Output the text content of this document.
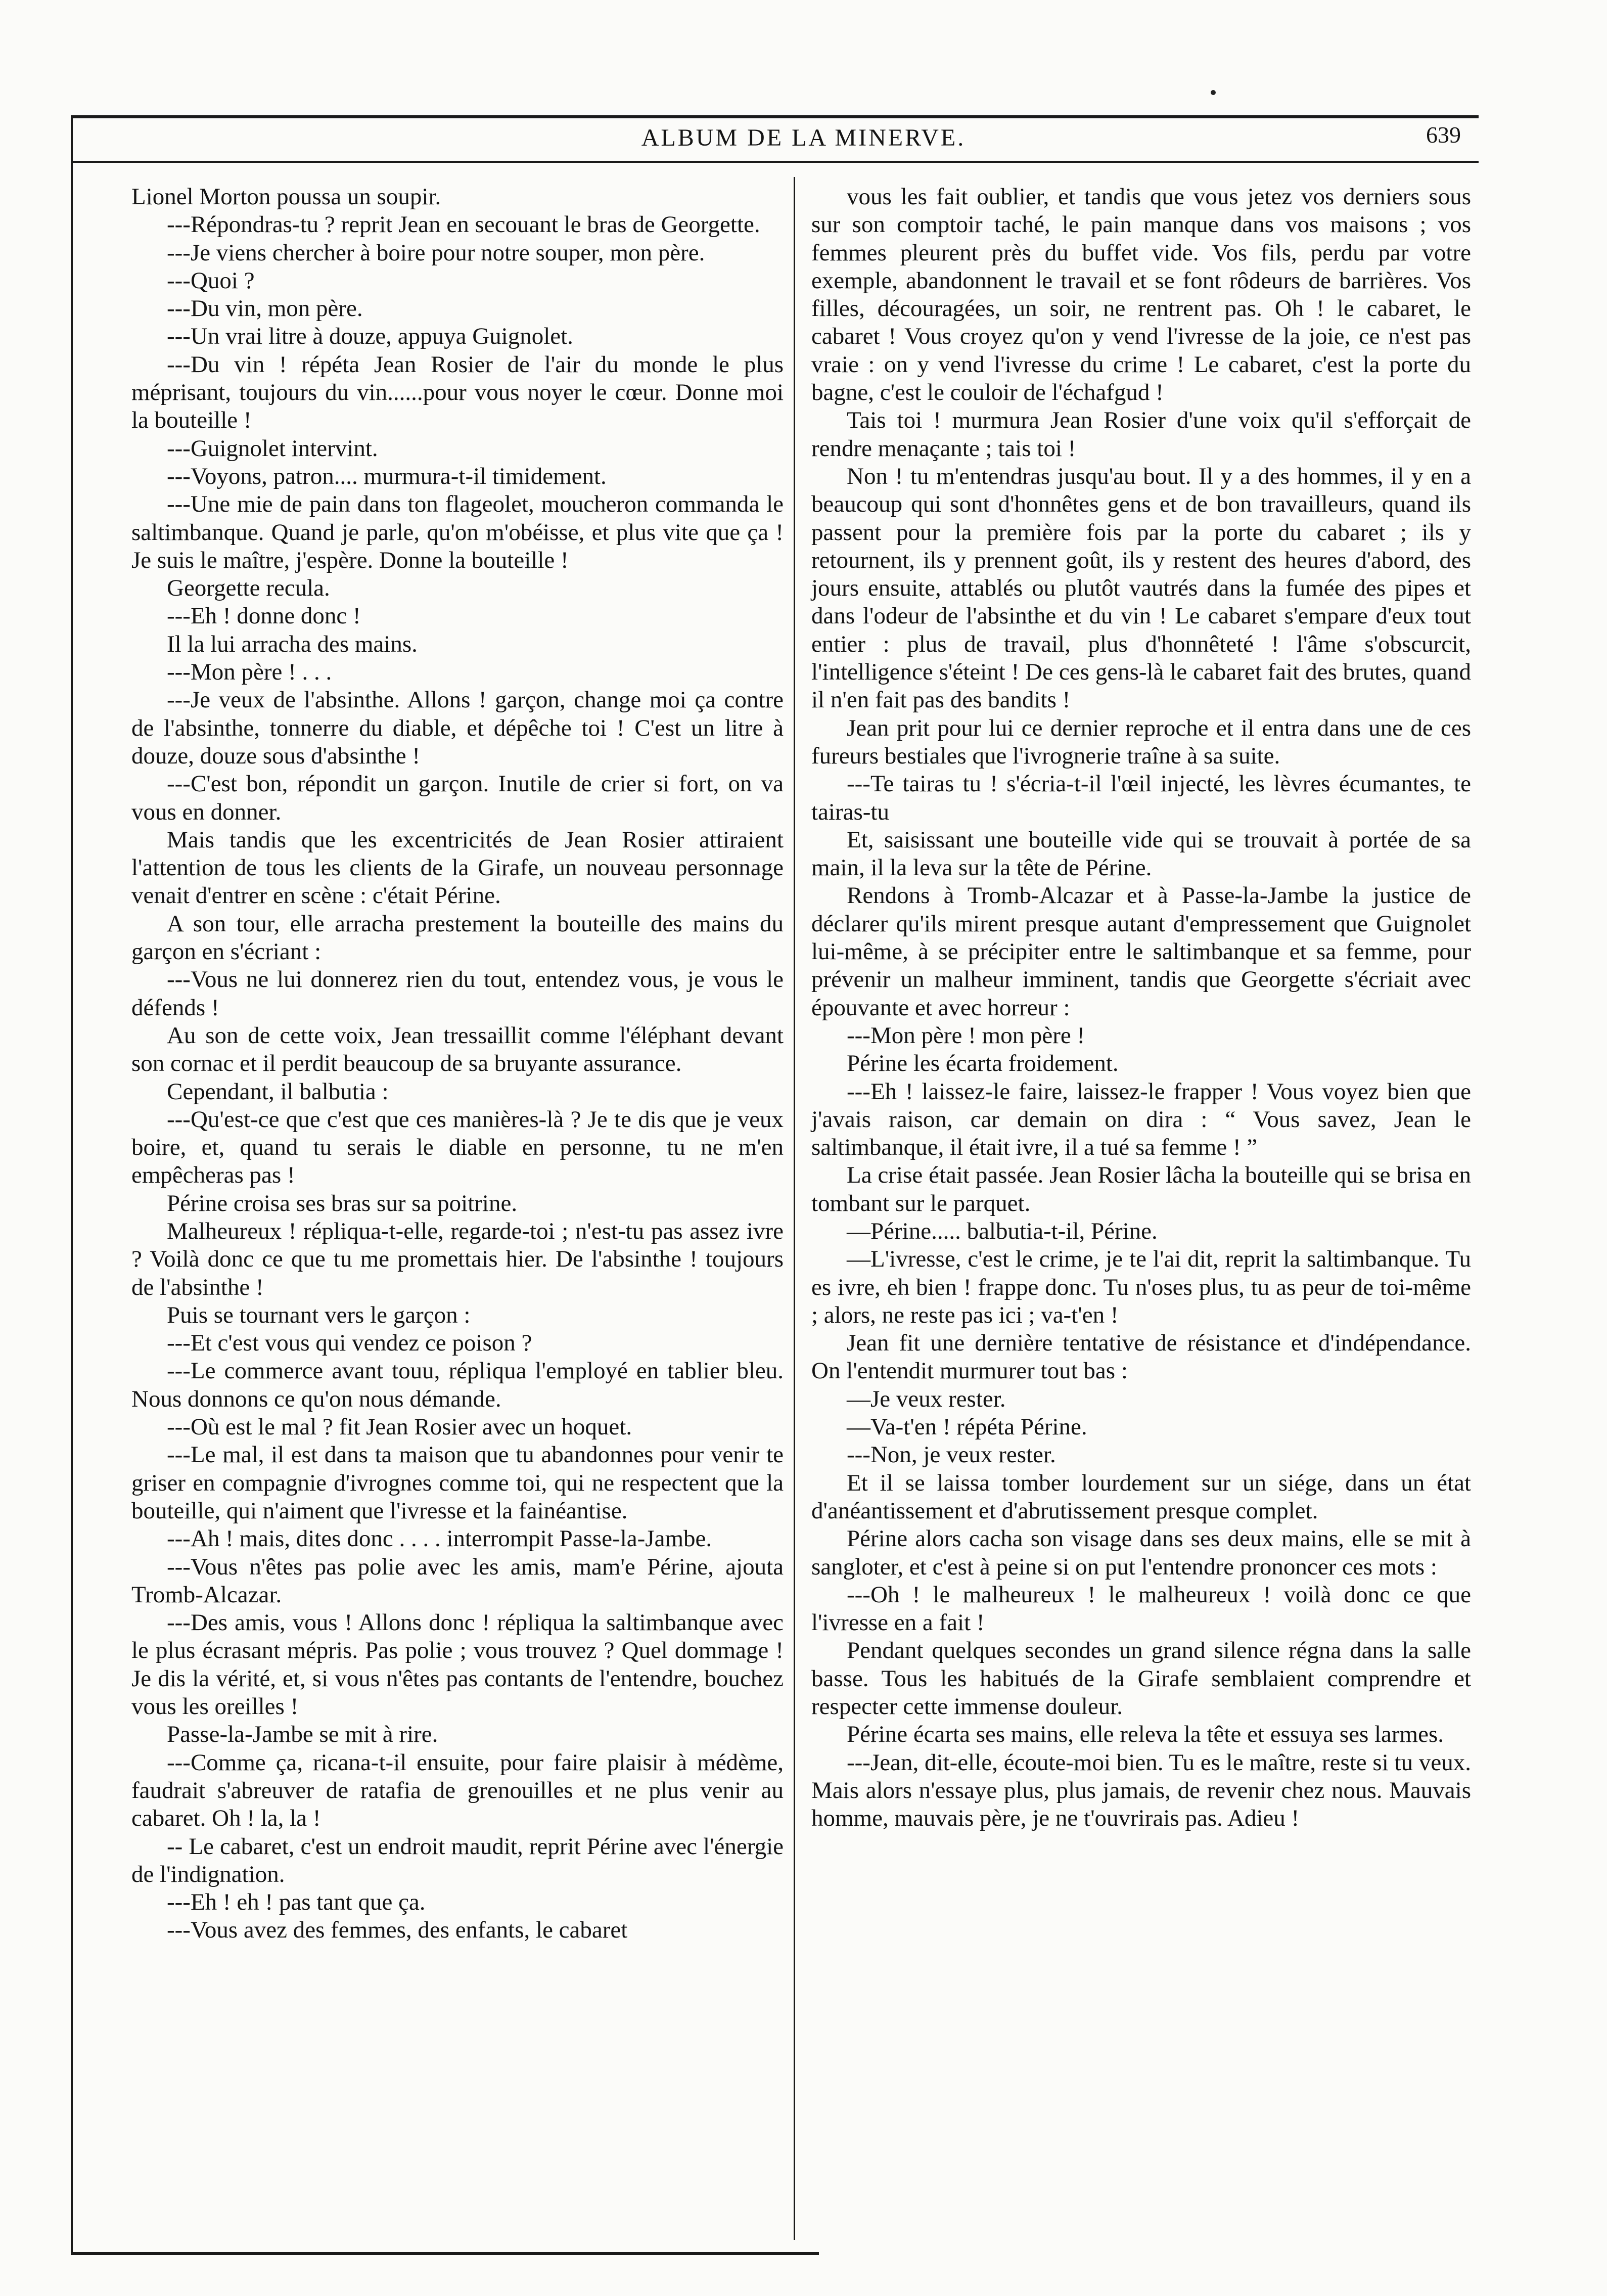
ALBUM DE LA MINERVE.	639

Lionel Morton poussa un soupir.

---Répondras-tu ? reprit Jean en secouant le bras de Georgette.

---Je viens chercher à boire pour notre souper, mon père.

---Quoi ?

---Du vin, mon père.

---Un vrai litre à douze, appuya Guignolet.

---Du vin ! répéta Jean Rosier de l'air du monde le plus méprisant, toujours du vin......pour vous noyer le cœur. Donne moi la bouteille !

---Guignolet intervint.

---Voyons, patron.... murmura-t-il timidement.

---Une mie de pain dans ton flageolet, moucheron commanda le saltimbanque. Quand je parle, qu'on m'obéisse, et plus vite que ça ! Je suis le maître, j'espère. Donne la bouteille !

Georgette recula.

---Eh ! donne donc !

Il la lui arracha des mains.

---Mon père ! . . .

---Je veux de l'absinthe. Allons ! garçon, change moi ça contre de l'absinthe, tonnerre du diable, et dépêche toi ! C'est un litre à douze, douze sous d'absinthe !

---C'est bon, répondit un garçon. Inutile de crier si fort, on va vous en donner.

Mais tandis que les excentricités de Jean Rosier attiraient l'attention de tous les clients de la Girafe, un nouveau personnage venait d'entrer en scène : c'était Périne.

A son tour, elle arracha prestement la bouteille des mains du garçon en s'écriant :

---Vous ne lui donnerez rien du tout, entendez vous, je vous le défends !

Au son de cette voix, Jean tressaillit comme l'éléphant devant son cornac et il perdit beaucoup de sa bruyante assurance.

Cependant, il balbutia :

---Qu'est-ce que c'est que ces manières-là ? Je te dis que je veux boire, et, quand tu serais le diable en personne, tu ne m'en empêcheras pas !

Périne croisa ses bras sur sa poitrine.

Malheureux ! répliqua-t-elle, regarde-toi ; n'est-tu pas assez ivre ? Voilà donc ce que tu me promettais hier. De l'absinthe ! toujours de l'absinthe !

Puis se tournant vers le garçon :

---Et c'est vous qui vendez ce poison ?

---Le commerce avant touu, répliqua l'employé en tablier bleu. Nous donnons ce qu'on nous démande.

---Où est le mal ? fit Jean Rosier avec un hoquet.

---Le mal, il est dans ta maison que tu abandonnes pour venir te griser en compagnie d'ivrognes comme toi, qui ne respectent que la bouteille, qui n'aiment que l'ivresse et la fainéantise.

---Ah ! mais, dites donc . . . . interrompit Passe-la-Jambe.

---Vous n'êtes pas polie avec les amis, mam'e Périne, ajouta Tromb-Alcazar.

---Des amis, vous ! Allons donc ! répliqua la saltimbanque avec le plus écrasant mépris. Pas polie ; vous trouvez ? Quel dommage ! Je dis la vérité, et, si vous n'êtes pas contants de l'entendre, bouchez vous les oreilles !

Passe-la-Jambe se mit à rire.

---Comme ça, ricana-t-il ensuite, pour faire plaisir à médème, faudrait s'abreuver de ratafia de grenouilles et ne plus venir au cabaret. Oh ! la, la !

-- Le cabaret, c'est un endroit maudit, reprit Périne avec l'énergie de l'indignation.

---Eh ! eh ! pas tant que ça.

---Vous avez des femmes, des enfants, le cabaret

vous les fait oublier, et tandis que vous jetez vos derniers sous sur son comptoir taché, le pain manque dans vos maisons ; vos femmes pleurent près du buffet vide. Vos fils, perdu par votre exemple, abandonnent le travail et se font rôdeurs de barrières. Vos filles, découragées, un soir, ne rentrent pas. Oh ! le cabaret, le cabaret ! Vous croyez qu'on y vend l'ivresse de la joie, ce n'est pas vraie : on y vend l'ivresse du crime ! Le cabaret, c'est la porte du bagne, c'est le couloir de l'échafgud !

Tais toi ! murmura Jean Rosier d'une voix qu'il s'efforçait de rendre menaçante ; tais toi !

Non ! tu m'entendras jusqu'au bout. Il y a des hommes, il y en a beaucoup qui sont d'honnêtes gens et de bon travailleurs, quand ils passent pour la première fois par la porte du cabaret ; ils y retournent, ils y prennent goût, ils y restent des heures d'abord, des jours ensuite, attablés ou plutôt vautrés dans la fumée des pipes et dans l'odeur de l'absinthe et du vin ! Le cabaret s'empare d'eux tout entier : plus de travail, plus d'honnêteté ! l'âme s'obscurcit, l'intelligence s'éteint ! De ces gens-là le cabaret fait des brutes, quand il n'en fait pas des bandits !

Jean prit pour lui ce dernier reproche et il entra dans une de ces fureurs bestiales que l'ivrognerie traîne à sa suite.

---Te tairas tu ! s'écria-t-il l'œil injecté, les lèvres écumantes, te tairas-tu

Et, saisissant une bouteille vide qui se trouvait à portée de sa main, il la leva sur la tête de Périne.

Rendons à Tromb-Alcazar et à Passe-la-Jambe la justice de déclarer qu'ils mirent presque autant d'empressement que Guignolet lui-même, à se précipiter entre le saltimbanque et sa femme, pour prévenir un malheur imminent, tandis que Georgette s'écriait avec épouvante et avec horreur :

---Mon père ! mon père !

Périne les écarta froidement.

---Eh ! laissez-le faire, laissez-le frapper ! Vous voyez bien que j'avais raison, car demain on dira : “ Vous savez, Jean le saltimbanque, il était ivre, il a tué sa femme ! ”

La crise était passée. Jean Rosier lâcha la bouteille qui se brisa en tombant sur le parquet.

—Périne..... balbutia-t-il, Périne.

—L'ivresse, c'est le crime, je te l'ai dit, reprit la saltimbanque. Tu es ivre, eh bien ! frappe donc. Tu n'oses plus, tu as peur de toi-même ; alors, ne reste pas ici ; va-t'en !

Jean fit une dernière tentative de résistance et d'indépendance. On l'entendit murmurer tout bas :

—Je veux rester.

—Va-t'en ! répéta Périne.

---Non, je veux rester.

Et il se laissa tomber lourdement sur un siége, dans un état d'anéantissement et d'abrutissement presque complet.

Périne alors cacha son visage dans ses deux mains, elle se mit à sangloter, et c'est à peine si on put l'entendre prononcer ces mots :

---Oh ! le malheureux ! le malheureux ! voilà donc ce que l'ivresse en a fait !

Pendant quelques secondes un grand silence régna dans la salle basse. Tous les habitués de la Girafe semblaient comprendre et respecter cette immense douleur.

Périne écarta ses mains, elle releva la tête et essuya ses larmes.

---Jean, dit-elle, écoute-moi bien. Tu es le maître, reste si tu veux. Mais alors n'essaye plus, plus jamais, de revenir chez nous. Mauvais homme, mauvais père, je ne t'ouvrirais pas. Adieu !
